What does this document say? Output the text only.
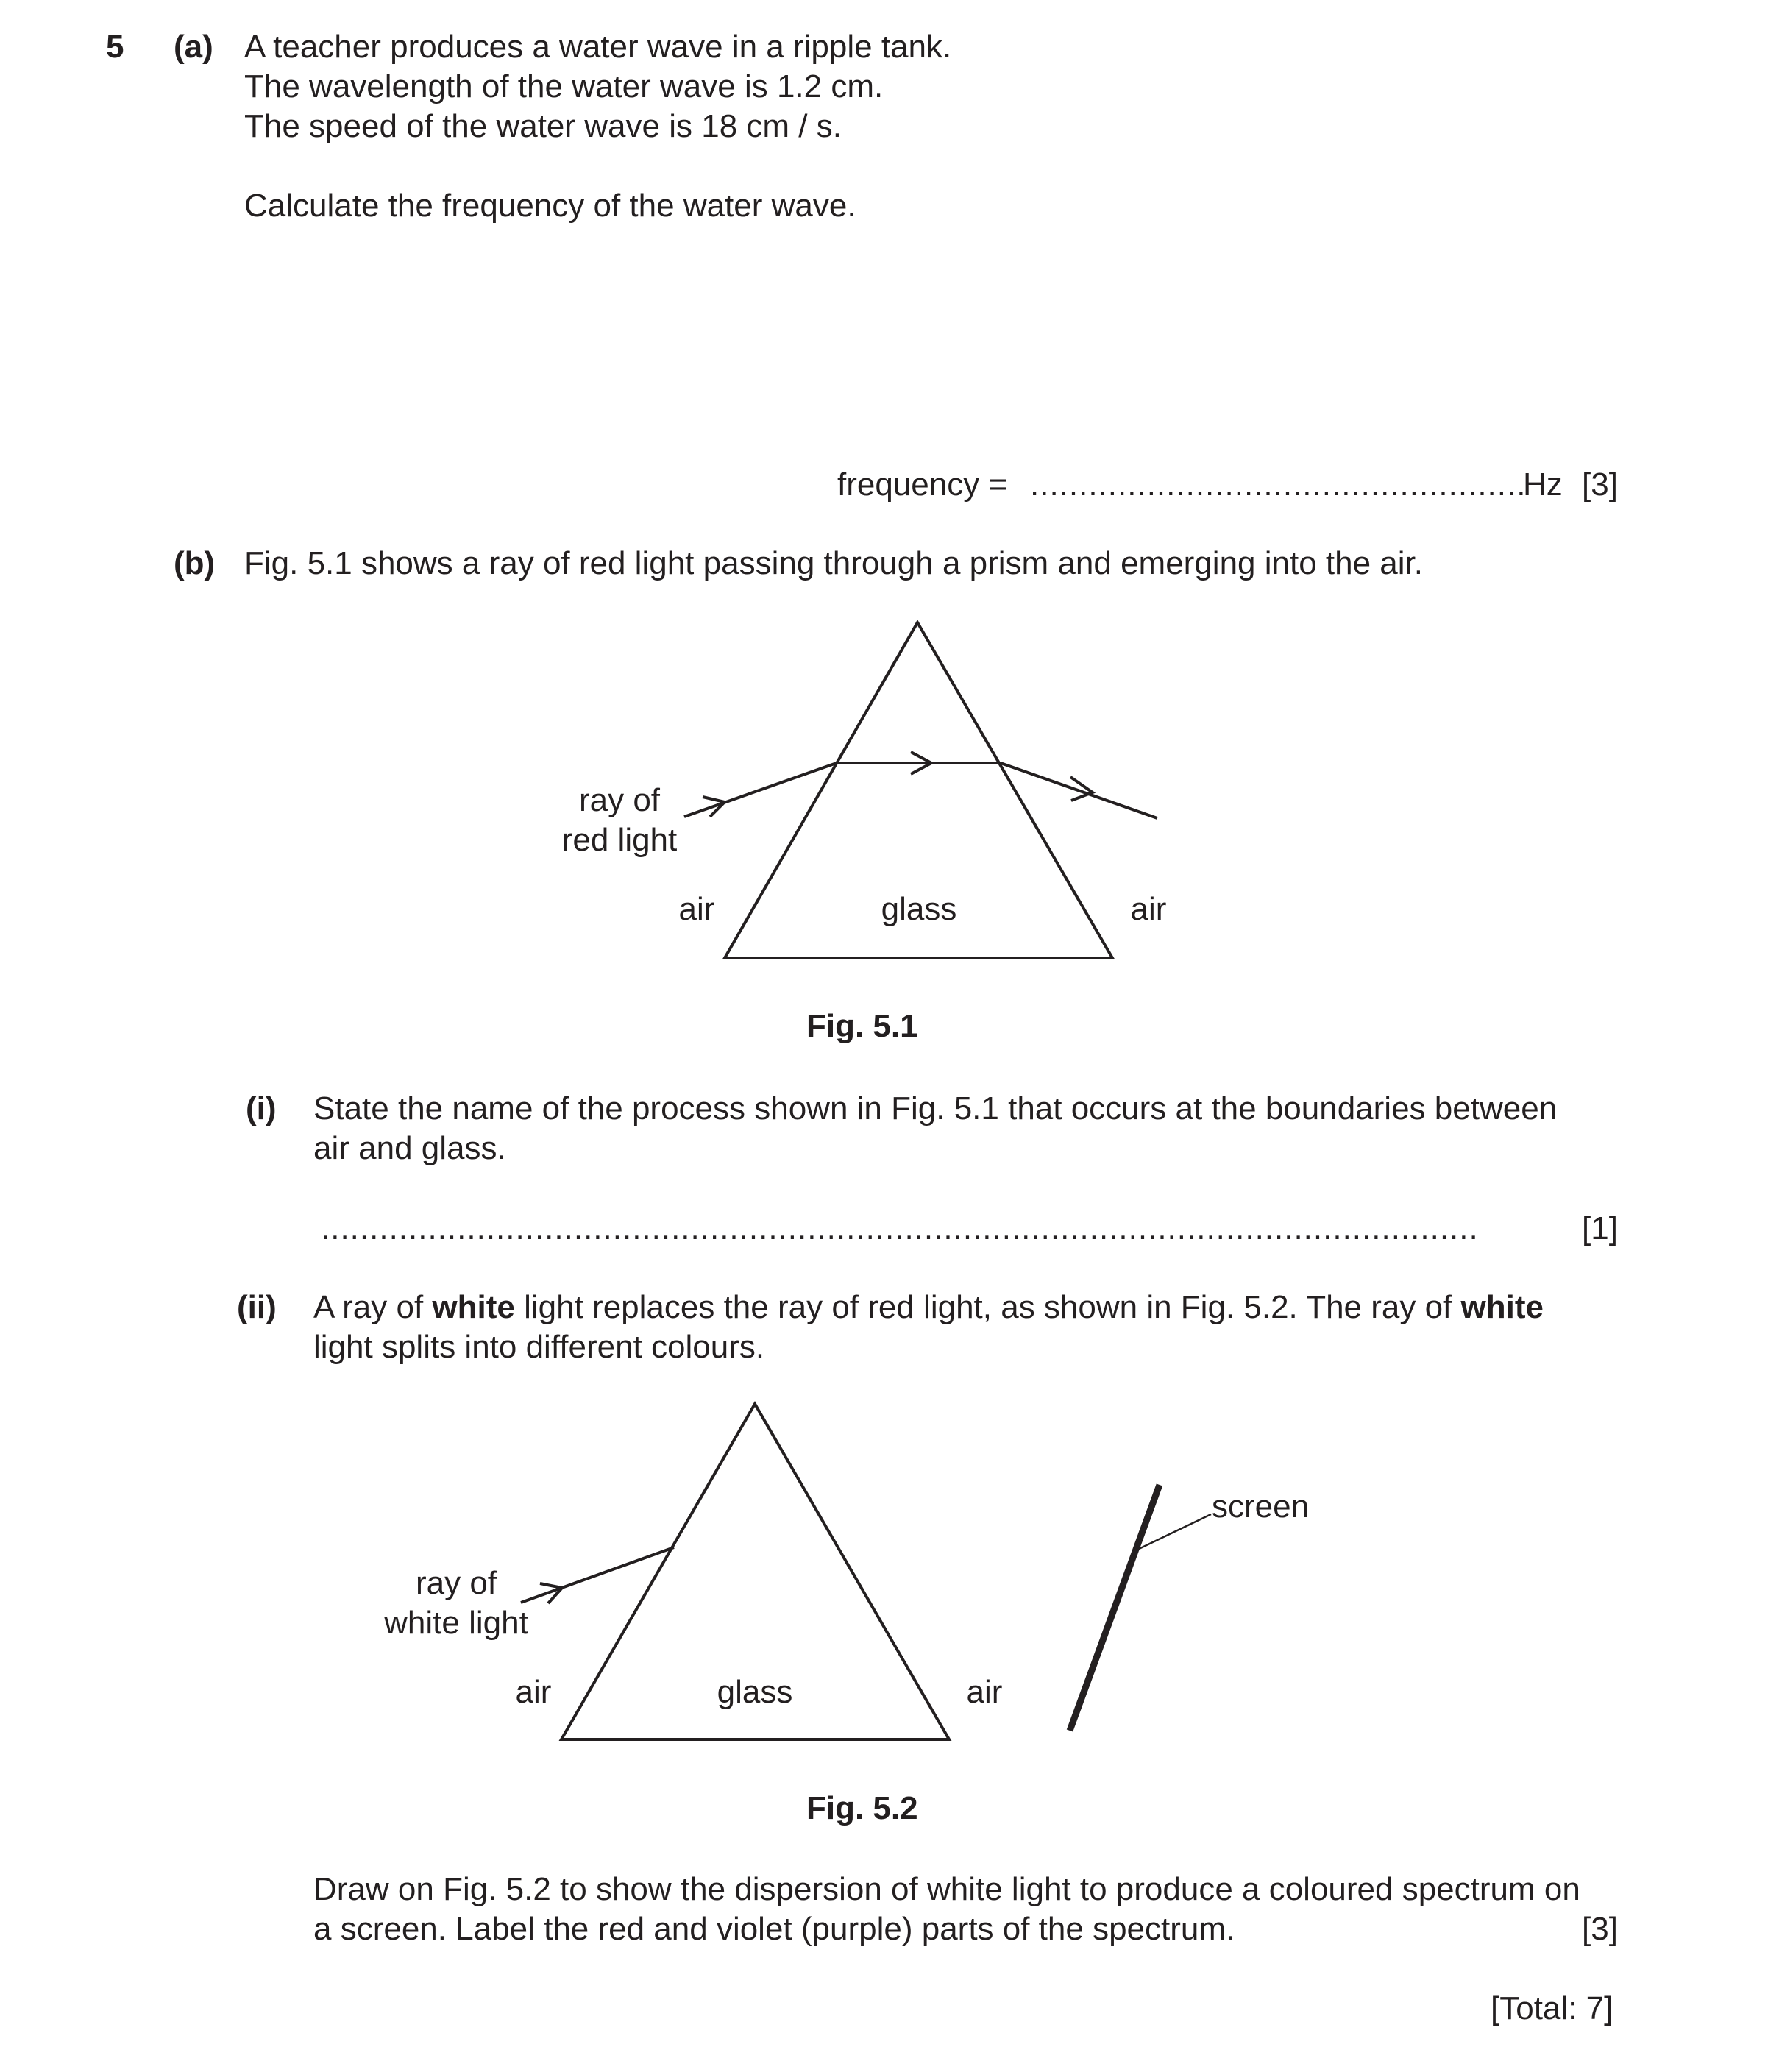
5 (a) A teacher produces a water wave in a ripple tank.
The wavelength of the water wave is 1.2 cm.
The speed of the water wave is 18 cm / s.
Calculate the frequency of the water wave.
frequency = ...................................................
Hz [3]
(b) Fig. 5.1 shows a ray of red light passing through a prism and emerging into the air.
ray of
red light
air	glass	air
Fig. 5.1
(i) State the name of the process shown in Fig. 5.1 that occurs at the boundaries between
air and glass.
.......................................................................................................................	[1]
(ii) A ray of white light replaces the ray of red light, as shown in Fig. 5.2. The ray of white
light splits into different colours.
screen
ray of
white light
air	glass	air
Fig. 5.2
Draw on Fig. 5.2 to show the dispersion of white light to produce a coloured spectrum on
a screen. Label the red and violet (purple) parts of the spectrum.	[3]
[Total: 7]
